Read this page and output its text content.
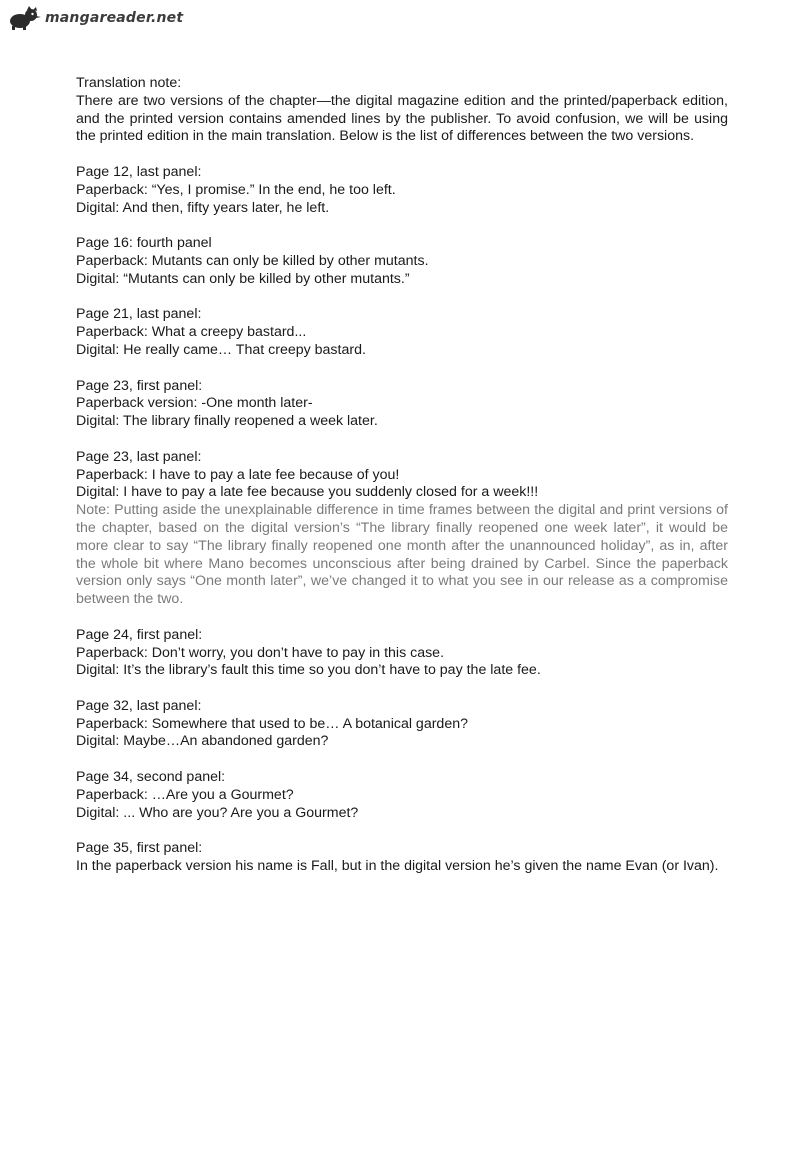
mangareader.net
Translation note:
There are two versions of the chapter—the digital magazine edition and the printed/paperback edition, and the printed version contains amended lines by the publisher. To avoid confusion, we will be using the printed edition in the main translation. Below is the list of differences between the two versions.
Page 12, last panel:
Paperback: “Yes, I promise.” In the end, he too left.
Digital: And then, fifty years later, he left.
Page 16: fourth panel
Paperback: Mutants can only be killed by other mutants.
Digital: “Mutants can only be killed by other mutants.”
Page 21, last panel:
Paperback: What a creepy bastard...
Digital: He really came… That creepy bastard.
Page 23, first panel:
Paperback version: -One month later-
Digital: The library finally reopened a week later.
Page 23, last panel:
Paperback: I have to pay a late fee because of you!
Digital: I have to pay a late fee because you suddenly closed for a week!!!
Note: Putting aside the unexplainable difference in time frames between the digital and print versions of the chapter, based on the digital version’s “The library finally reopened one week later”, it would be more clear to say “The library finally reopened one month after the unannounced holiday”, as in, after the whole bit where Mano becomes unconscious after being drained by Carbel. Since the paperback version only says “One month later”, we’ve changed it to what you see in our release as a compromise between the two.
Page 24, first panel:
Paperback: Don’t worry, you don’t have to pay in this case.
Digital: It’s the library’s fault this time so you don’t have to pay the late fee.
Page 32, last panel:
Paperback: Somewhere that used to be… A botanical garden?
Digital: Maybe…An abandoned garden?
Page 34, second panel:
Paperback: …Are you a Gourmet?
Digital: ... Who are you? Are you a Gourmet?
Page 35, first panel:
In the paperback version his name is Fall, but in the digital version he’s given the name Evan (or Ivan).
